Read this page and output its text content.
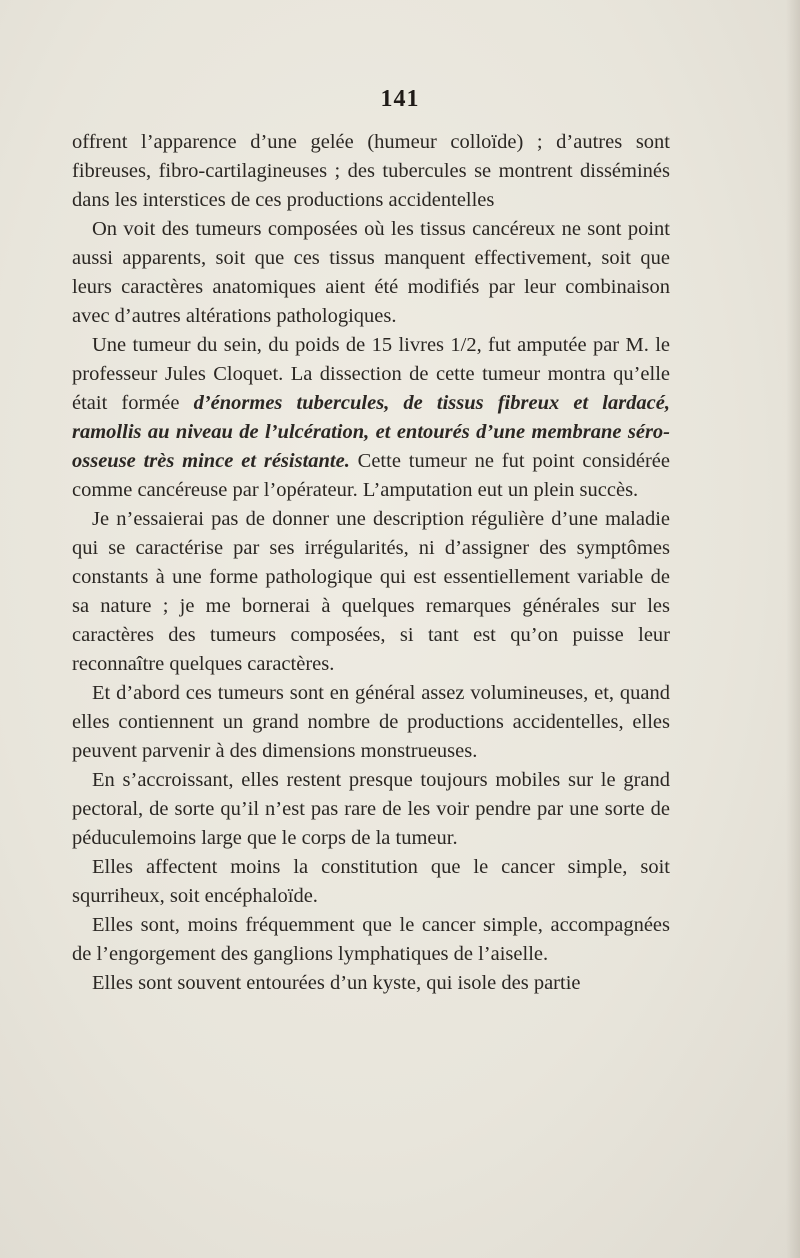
141

offrent l’apparence d’une gelée (humeur colloïde) ; d’autres sont fibreuses, fibro-cartilagineuses ; des tubercules se montrent disséminés dans les interstices de ces productions accidentelles

On voit des tumeurs composées où les tissus cancéreux ne sont point aussi apparents, soit que ces tissus manquent effectivement, soit que leurs caractères anatomiques aient été modifiés par leur combinaison avec d’autres altérations pathologiques.

Une tumeur du sein, du poids de 15 livres 1/2, fut amputée par M. le professeur Jules Cloquet. La dissection de cette tumeur montra qu’elle était formée d’énormes tubercules, de tissus fibreux et lardacé, ramollis au niveau de l’ulcération, et entourés d’une membrane séro-osseuse très mince et résistante. Cette tumeur ne fut point considérée comme cancéreuse par l’opérateur. L’amputation eut un plein succès.

Je n’essaierai pas de donner une description régulière d’une maladie qui se caractérise par ses irrégularités, ni d’assigner des symptômes constants à une forme pathologique qui est essentiellement variable de sa nature ; je me bornerai à quelques remarques générales sur les caractères des tumeurs composées, si tant est qu’on puisse leur reconnaître quelques caractères.

Et d’abord ces tumeurs sont en général assez volumineuses, et, quand elles contiennent un grand nombre de productions accidentelles, elles peuvent parvenir à des dimensions monstrueuses.

En s’accroissant, elles restent presque toujours mobiles sur le grand pectoral, de sorte qu’il n’est pas rare de les voir pendre par une sorte de péduculemoins large que le corps de la tumeur.

Elles affectent moins la constitution que le cancer simple, soit squrriheux, soit encéphaloïde.

Elles sont, moins fréquemment que le cancer simple, accompagnées de l’engorgement des ganglions lymphatiques de l’aiselle.

Elles sont souvent entourées d’un kyste, qui isole des partie
